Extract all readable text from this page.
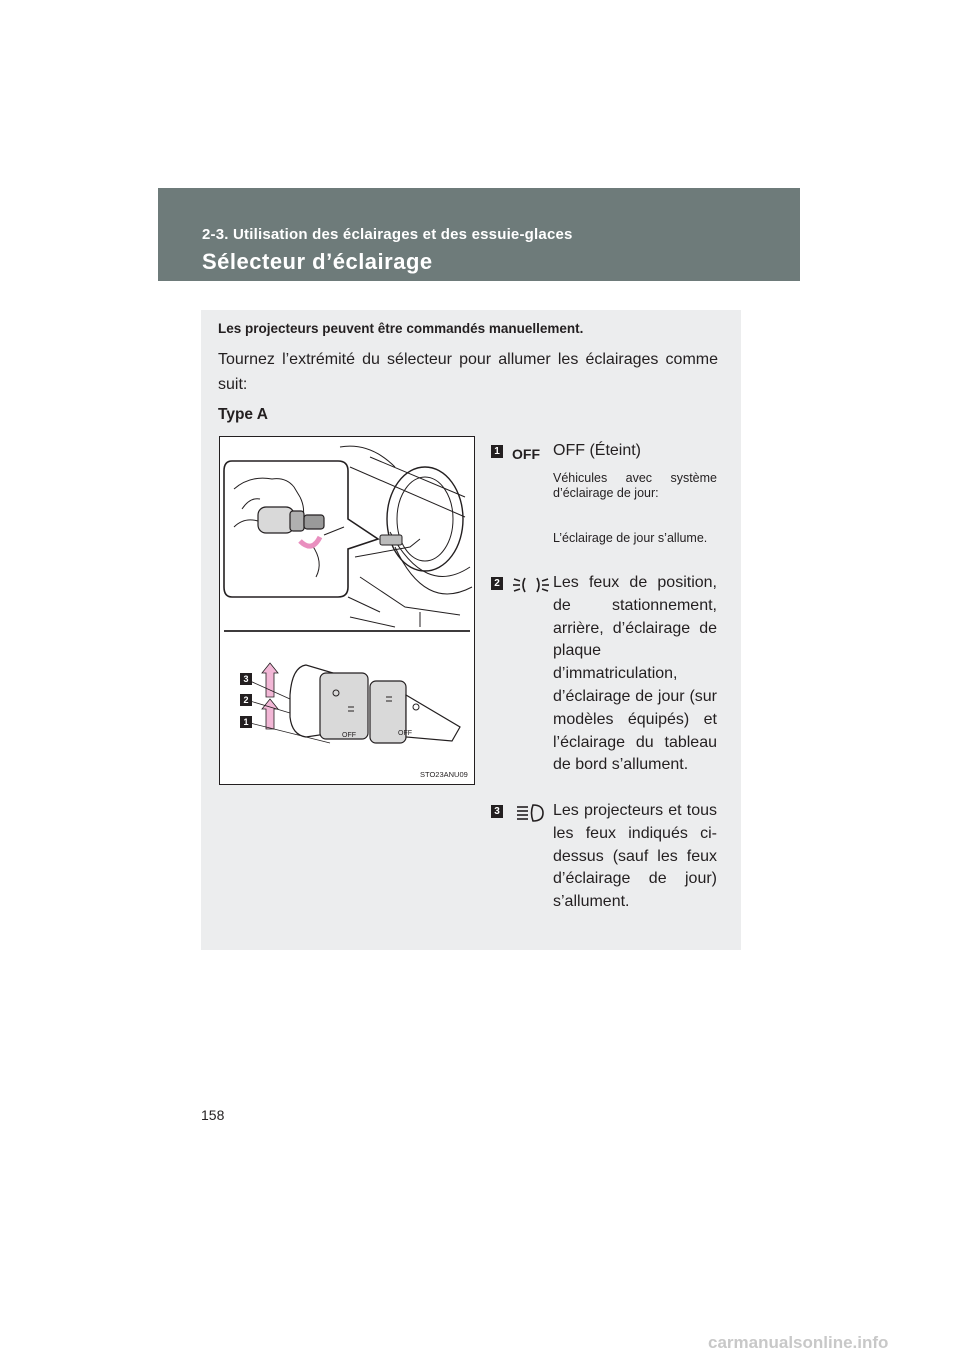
2-3. Utilisation des éclairages et des essuie-glaces
Sélecteur d’éclairage
Les projecteurs peuvent être commandés manuellement.
Tournez l’extrémité du sélecteur pour allumer les éclairages comme suit:
Type A
OFF	OFF
3
2
1
STO23ANU09
1 OFF OFF (Éteint)
Véhicules avec système d’éclairage de jour:
L’éclairage de jour s’allume.
2	Les feux de position, de stationnement, arrière, d’éclairage de plaque d’immatriculation, d’éclairage de jour (sur modèles équipés) et l’éclairage du tableau de bord s’allument.
3	Les projecteurs et tous les feux indiqués ci-dessus (sauf les feux d’éclairage de jour) s’allument.
158
carmanualsonline.info
